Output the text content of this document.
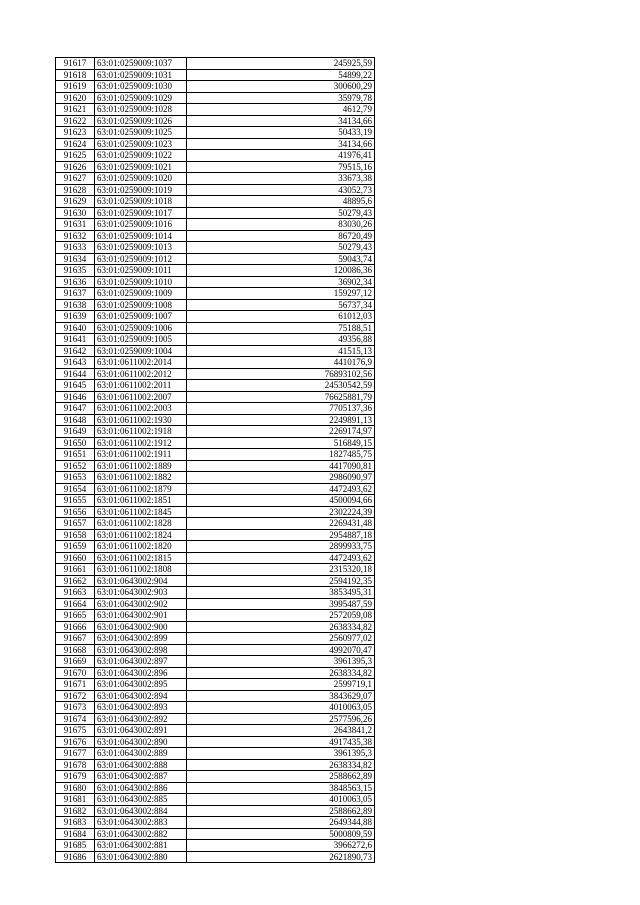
91617	63:01:0259009:1037	245925,59
91618	63:01:0259009:1031	54899,22
91619	63:01:0259009:1030	300600,29
91620	63:01:0259009:1029	35979,78
91621	63:01:0259009:1028	4612,79
91622	63:01:0259009:1026	34134,66
91623	63:01:0259009:1025	50433,19
91624	63:01:0259009:1023	34134,66
91625	63:01:0259009:1022	41976,41
91626	63:01:0259009:1021	79515,16
91627	63:01:0259009:1020	33673,38
91628	63:01:0259009:1019	43052,73
91629	63:01:0259009:1018	48895,6
91630	63:01:0259009:1017	50279,43
91631	63:01:0259009:1016	83030,26
91632	63:01:0259009:1014	86720,49
91633	63:01:0259009:1013	50279,43
91634	63:01:0259009:1012	59043,74
91635	63:01:0259009:1011	120086,36
91636	63:01:0259009:1010	36902,34
91637	63:01:0259009:1009	159297,12
91638	63:01:0259009:1008	56737,34
91639	63:01:0259009:1007	61012,03
91640	63:01:0259009:1006	75188,51
91641	63:01:0259009:1005	49356,88
91642	63:01:0259009:1004	41515,13
91643	63:01:0611002:2014	4410176,9
91644	63:01:0611002:2012	76893102,56
91645	63:01:0611002:2011	24530542,59
91646	63:01:0611002:2007	76625881,79
91647	63:01:0611002:2003	7705137,36
91648	63:01:0611002:1930	2249891,13
91649	63:01:0611002:1918	2269174,97
91650	63:01:0611002:1912	516849,15
91651	63:01:0611002:1911	1827485,75
91652	63:01:0611002:1889	4417090,81
91653	63:01:0611002:1882	2986090,97
91654	63:01:0611002:1879	4472493,62
91655	63:01:0611002:1851	4500094,66
91656	63:01:0611002:1845	2302224,39
91657	63:01:0611002:1828	2269431,48
91658	63:01:0611002:1824	2954887,18
91659	63:01:0611002:1820	2899933,75
91660	63:01:0611002:1815	4472493,62
91661	63:01:0611002:1808	2315320,18
91662	63:01:0643002:904	2594192,35
91663	63:01:0643002:903	3853495,31
91664	63:01:0643002:902	3995487,59
91665	63:01:0643002:901	2572059,08
91666	63:01:0643002:900	2638334,82
91667	63:01:0643002:899	2560977,02
91668	63:01:0643002:898	4992070,47
91669	63:01:0643002:897	3961395,3
91670	63:01:0643002:896	2638334,82
91671	63:01:0643002:895	2599719,1
91672	63:01:0643002:894	3843629,07
91673	63:01:0643002:893	4010063,05
91674	63:01:0643002:892	2577596,26
91675	63:01:0643002:891	2643841,2
91676	63:01:0643002:890	4917435,38
91677	63:01:0643002:889	3961395,3
91678	63:01:0643002:888	2638334,82
91679	63:01:0643002:887	2588662,89
91680	63:01:0643002:886	3848563,15
91681	63:01:0643002:885	4010063,05
91682	63:01:0643002:884	2588662,89
91683	63:01:0643002:883	2649344,88
91684	63:01:0643002:882	5000809,59
91685	63:01:0643002:881	3966272,6
91686	63:01:0643002:880	2621890,73
